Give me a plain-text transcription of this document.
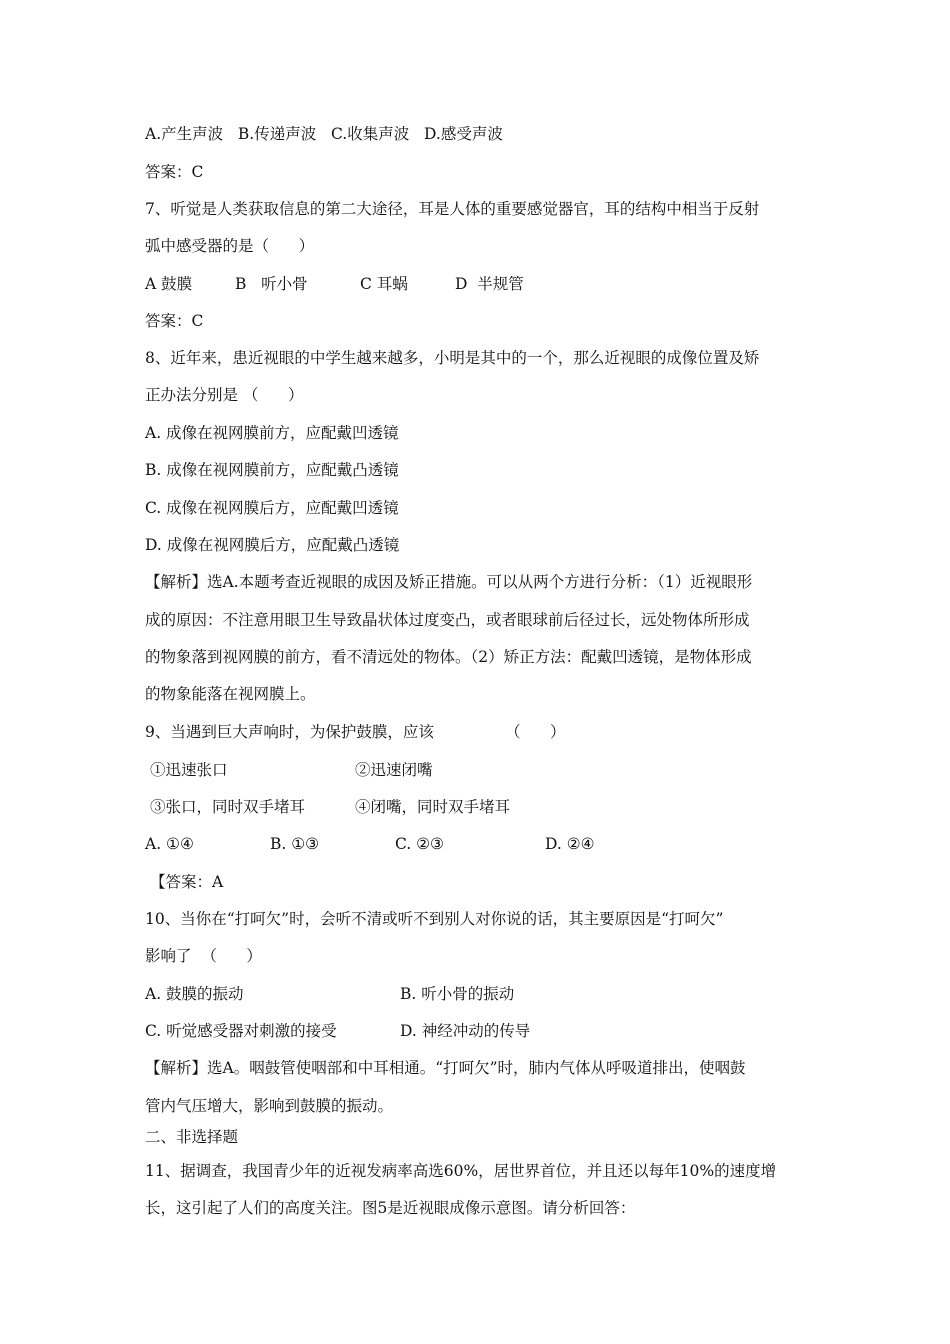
A.产生声波   B.传递声波   C.收集声波   D.感受声波
答案：C
7、听觉是人类获取信息的第二大途径，耳是人体的重要感觉器官，耳的结构中相当于反射
弧中感受器的是（      ）
A 鼓膜	B   听小骨	C 耳蜗	D  半规管
答案：C
8、近年来，患近视眼的中学生越来越多，小明是其中的一个，那么近视眼的成像位置及矫
正办法分别是 （      ）
A. 成像在视网膜前方，应配戴凹透镜
B. 成像在视网膜前方，应配戴凸透镜
C. 成像在视网膜后方，应配戴凹透镜
D. 成像在视网膜后方，应配戴凸透镜
【解析】选A.本题考查近视眼的成因及矫正措施。可以从两个方进行分析：（1）近视眼形
成的原因：不注意用眼卫生导致晶状体过度变凸，或者眼球前后径过长，远处物体所形成
的物象落到视网膜的前方，看不清远处的物体。（2）矫正方法：配戴凹透镜，是物体形成
的物象能落在视网膜上。
9、当遇到巨大声响时，为保护鼓膜，应该	（      ）
①迅速张口	②迅速闭嘴
③张口，同时双手堵耳	④闭嘴，同时双手堵耳
A. ①④	B. ①③	C. ②③	D. ②④
【答案：A
10、当你在“打呵欠”时，会听不清或听不到别人对你说的话，其主要原因是“打呵欠”
影响了  （      ）
A. 鼓膜的振动	B. 听小骨的振动
C. 听觉感受器对刺激的接受	D. 神经冲动的传导
【解析】选A。咽鼓管使咽部和中耳相通。“打呵欠”时，肺内气体从呼吸道排出，使咽鼓
管内气压增大，影响到鼓膜的振动。
二、非选择题
11、据调查，我国青少年的近视发病率高选60%，居世界首位，并且还以每年10%的速度增
长，这引起了人们的高度关注。图5是近视眼成像示意图。请分析回答：
